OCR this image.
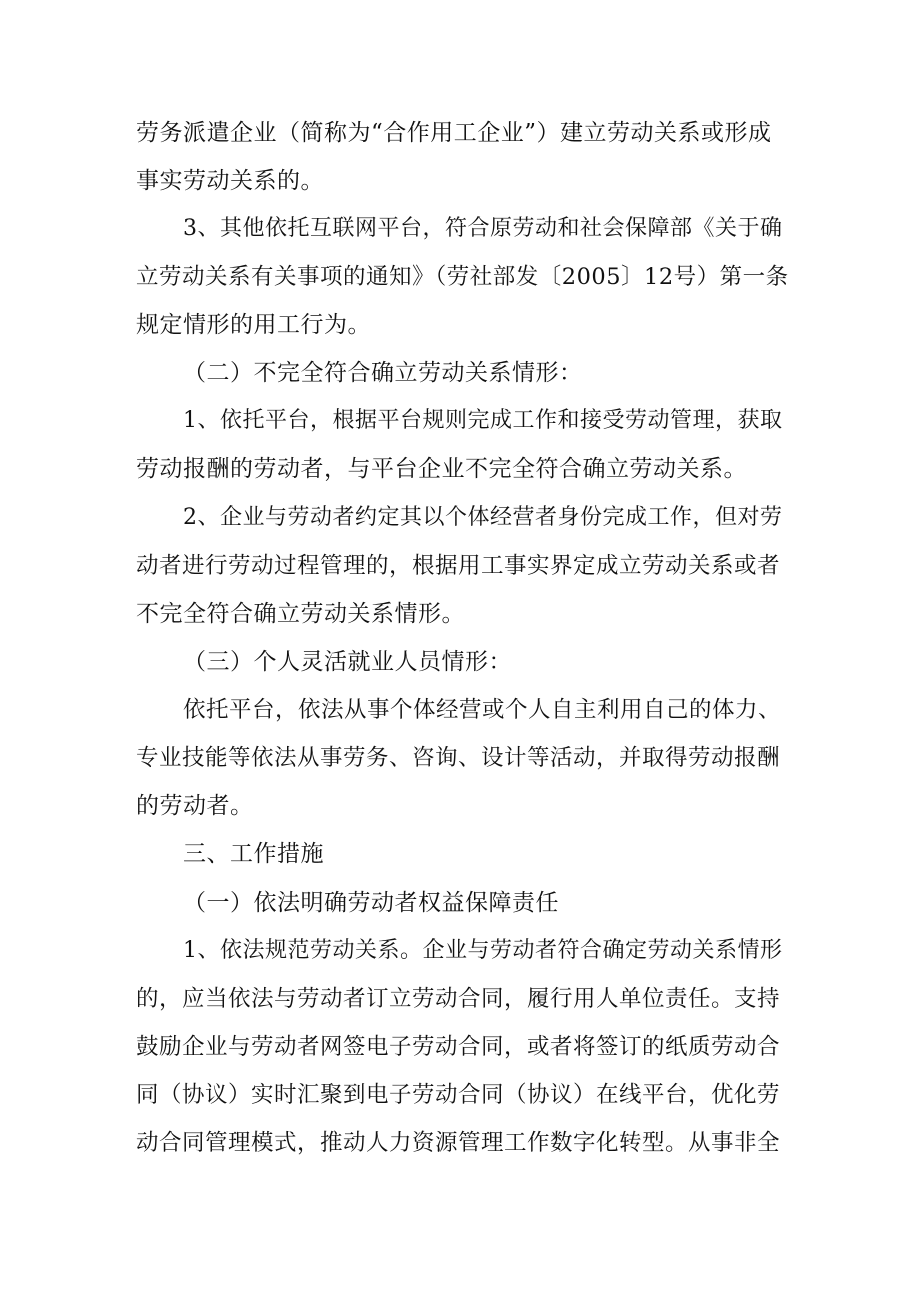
劳务派遣企业（简称为“合作用工企业”）建立劳动关系或形成
事实劳动关系的。
3、其他依托互联网平台，符合原劳动和社会保障部《关于确
立劳动关系有关事项的通知》（劳社部发〔2005〕12号）第一条
规定情形的用工行为。
（二）不完全符合确立劳动关系情形：
1、依托平台，根据平台规则完成工作和接受劳动管理，获取
劳动报酬的劳动者，与平台企业不完全符合确立劳动关系。
2、企业与劳动者约定其以个体经营者身份完成工作，但对劳
动者进行劳动过程管理的，根据用工事实界定成立劳动关系或者
不完全符合确立劳动关系情形。
（三）个人灵活就业人员情形：
依托平台，依法从事个体经营或个人自主利用自己的体力、
专业技能等依法从事劳务、咨询、设计等活动，并取得劳动报酬
的劳动者。
三、工作措施
（一）依法明确劳动者权益保障责任
1、依法规范劳动关系。企业与劳动者符合确定劳动关系情形
的，应当依法与劳动者订立劳动合同，履行用人单位责任。支持
鼓励企业与劳动者网签电子劳动合同，或者将签订的纸质劳动合
同（协议）实时汇聚到电子劳动合同（协议）在线平台，优化劳
动合同管理模式，推动人力资源管理工作数字化转型。从事非全
